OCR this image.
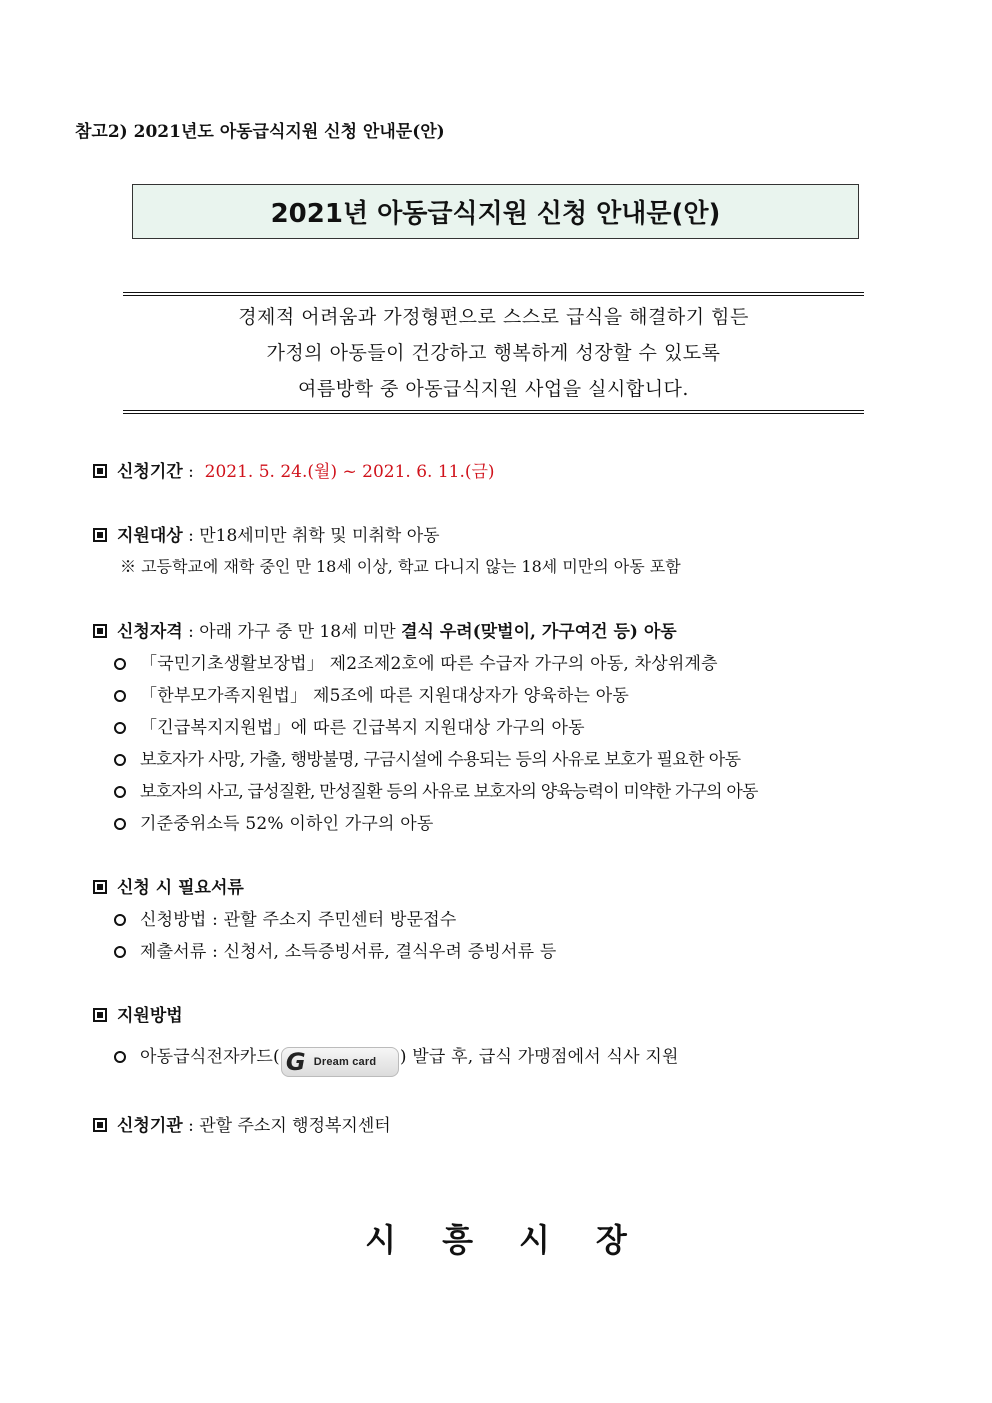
참고2) 2021년도 아동급식지원 신청 안내문(안)
2021년 아동급식지원 신청 안내문(안)
경제적 어려움과 가정형편으로 스스로 급식을 해결하기 힘든
가정의 아동들이 건강하고 행복하게 성장할 수 있도록
여름방학 중 아동급식지원 사업을 실시합니다.
신청기간 :  2021. 5. 24.(월) ~ 2021. 6. 11.(금)
지원대상 : 만18세미만 취학 및 미취학 아동
※ 고등학교에 재학 중인 만 18세 이상, 학교 다니지 않는 18세 미만의 아동 포함
신청자격 : 아래 가구 중 만 18세 미만 결식 우려(맞벌이, 가구여건 등) 아동
「국민기초생활보장법」 제2조제2호에 따른 수급자 가구의 아동, 차상위계층
「한부모가족지원법」 제5조에 따른 지원대상자가 양육하는 아동
「긴급복지지원법」에 따른 긴급복지 지원대상 가구의 아동
보호자가 사망, 가출, 행방불명, 구금시설에 수용되는 등의 사유로 보호가 필요한 아동
보호자의 사고, 급성질환, 만성질환 등의 사유로 보호자의 양육능력이 미약한 가구의 아동
기준중위소득 52% 이하인 가구의 아동
신청 시 필요서류
신청방법 : 관할 주소지 주민센터 방문접수
제출서류 : 신청서, 소득증빙서류, 결식우려 증빙서류 등
지원방법
아동급식전자카드( G Dream card ) 발급 후, 급식 가맹점에서 식사 지원
신청기관 : 관할 주소지 행정복지센터
시흥시장
